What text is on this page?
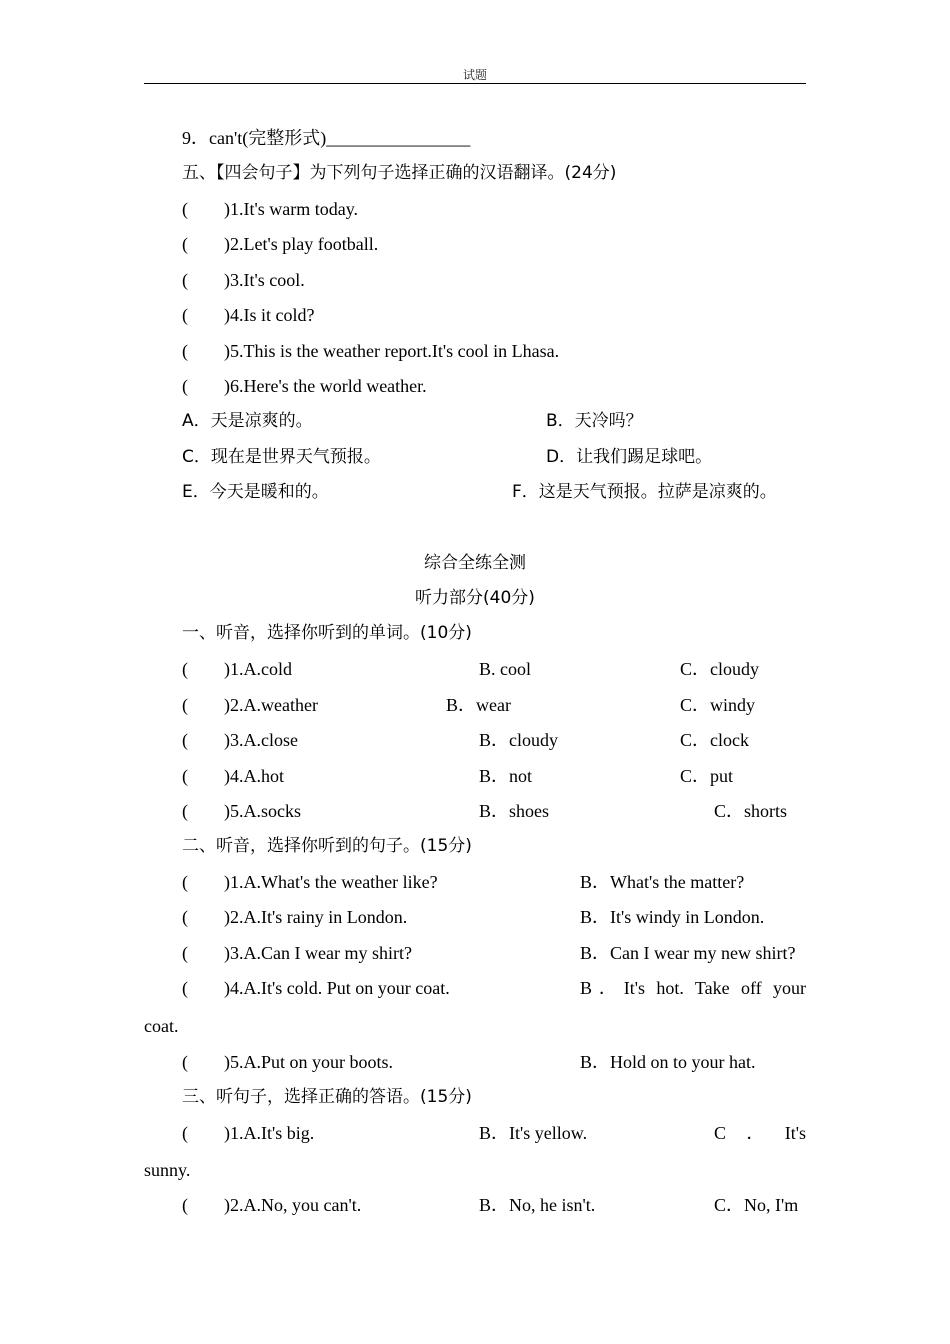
试题
9．can't(完整形式)________________
五、【四会句子】为下列句子选择正确的汉语翻译。(24分)
(　　)1.It's warm today.
(　　)2.Let's play football.
(　　)3.It's cool.
(　　)4.Is it cold?
(　　)5.This is the weather report.It's cool in Lhasa.
(　　)6.Here's the world weather.
A．天是凉爽的。	B．天冷吗？
C．现在是世界天气预报。	D．让我们踢足球吧。
E．今天是暖和的。	F．这是天气预报。拉萨是凉爽的。
综合全练全测
听力部分(40分)
一、听音，选择你听到的单词。(10分)
(　　)1.A.cold	B. cool	C．cloudy
(　　)2.A.weather	B．wear	C．windy
(　　)3.A.close	B．cloudy	C．clock
(　　)4.A.hot	B．not	C．put
(　　)5.A.socks	B．shoes	C．shorts
二、听音，选择你听到的句子。(15分)
(　　)1.A.What's the weather like?	B．What's the matter?
(　　)2.A.It's rainy in London.	B．It's windy in London.
(　　)3.A.Can I wear my shirt?	B．Can I wear my new shirt?
(　　)4.A.It's cold. Put on your coat.	B．It's hot. Take off your
coat.
(　　)5.A.Put on your boots.	B．Hold on to your hat.
三、听句子，选择正确的答语。(15分)
(　　)1.A.It's big.	B．It's yellow.	C．It's
sunny.
(　　)2.A.No, you can't.	B．No, he isn't.	C．No, I'm
